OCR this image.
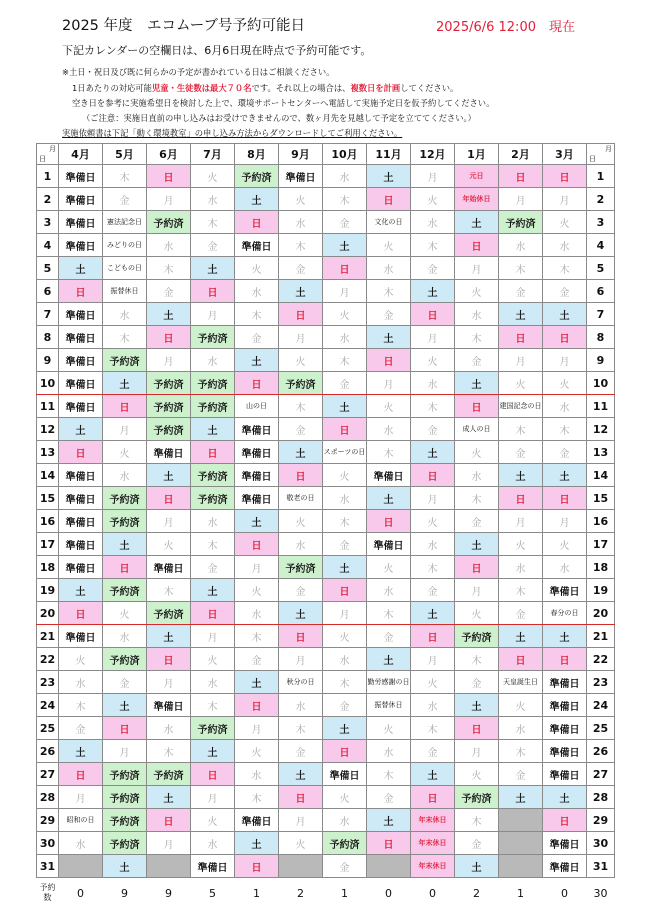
2025 年度　エコムーブ号予約可能日	2025/6/6 12:00　現在
下記カレンダーの空欄日は、6月6日現在時点で予約可能です。
※土日・祝日及び既に何らかの予定が書かれている日はご相談ください。
1日あたりの対応可能児童・生徒数は最大７０名です。それ以上の場合は、複数日を計画してください。
空き日を参考に実施希望日を検討した上で、環境サポートセンターへ電話して実施予定日を仮予約してください。
（ご注意：実施日直前の申し込みはお受けできませんので、数ヶ月先を見越して予定を立ててください。）
実施依頼書は下記「動く環境教室」の申し込み方法からダウンロードしてご利用ください。
月
日	4月	5月	6月	7月	8月	9月	10月	11月	12月	1月	2月	3月	月
日

1	準備日	木	日	火	予約済	準備日	水	土	月	元日	日	日	1
2	準備日	金	月	水	土	火	木	日	火	年始休日	月	月	2
3	準備日	憲法記念日	予約済	木	日	水	金	文化の日	水	土	予約済	火	3
4	準備日	みどりの日	水	金	準備日	木	土	火	木	日	水	水	4
5	土	こどもの日	木	土	火	金	日	水	金	月	木	木	5
6	日	振替休日	金	日	水	土	月	木	土	火	金	金	6
7	準備日	水	土	月	木	日	火	金	日	水	土	土	7
8	準備日	木	日	予約済	金	月	水	土	月	木	日	日	8
9	準備日	予約済	月	水	土	火	木	日	火	金	月	月	9
10	準備日	土	予約済	予約済	日	予約済	金	月	水	土	火	火	10
11	準備日	日	予約済	予約済	山の日	木	土	火	木	日	建国記念の日	水	11
12	土	月	予約済	土	準備日	金	日	水	金	成人の日	木	木	12
13	日	火	準備日	日	準備日	土	スポーツの日	木	土	火	金	金	13
14	準備日	水	土	予約済	準備日	日	火	準備日	日	水	土	土	14
15	準備日	予約済	日	予約済	準備日	敬老の日	水	土	月	木	日	日	15
16	準備日	予約済	月	水	土	火	木	日	火	金	月	月	16
17	準備日	土	火	木	日	水	金	準備日	水	土	火	火	17
18	準備日	日	準備日	金	月	予約済	土	火	木	日	水	水	18
19	土	予約済	木	土	火	金	日	水	金	月	木	準備日	19
20	日	火	予約済	日	水	土	月	木	土	火	金	春分の日	20
21	準備日	水	土	月	木	日	火	金	日	予約済	土	土	21
22	火	予約済	日	火	金	月	水	土	月	木	日	日	22
23	水	金	月	水	土	秋分の日	木	勤労感謝の日	火	金	天皇誕生日	準備日	23
24	木	土	準備日	木	日	水	金	振替休日	水	土	火	準備日	24
25	金	日	水	予約済	月	木	土	火	木	日	水	準備日	25
26	土	月	木	土	火	金	日	水	金	月	木	準備日	26
27	日	予約済	予約済	日	水	土	準備日	木	土	火	金	準備日	27
28	月	予約済	土	月	木	日	火	金	日	予約済	土	土	28
29	昭和の日	予約済	日	火	準備日	月	水	土	年末休日	木		日	29
30	水	予約済	月	水	土	火	予約済	日	年末休日	金		準備日	30
31		土		準備日	日		金		年末休日	土		準備日	31
予約数	0	9	9	5	1	2	1	0	0	2	1	0	30
